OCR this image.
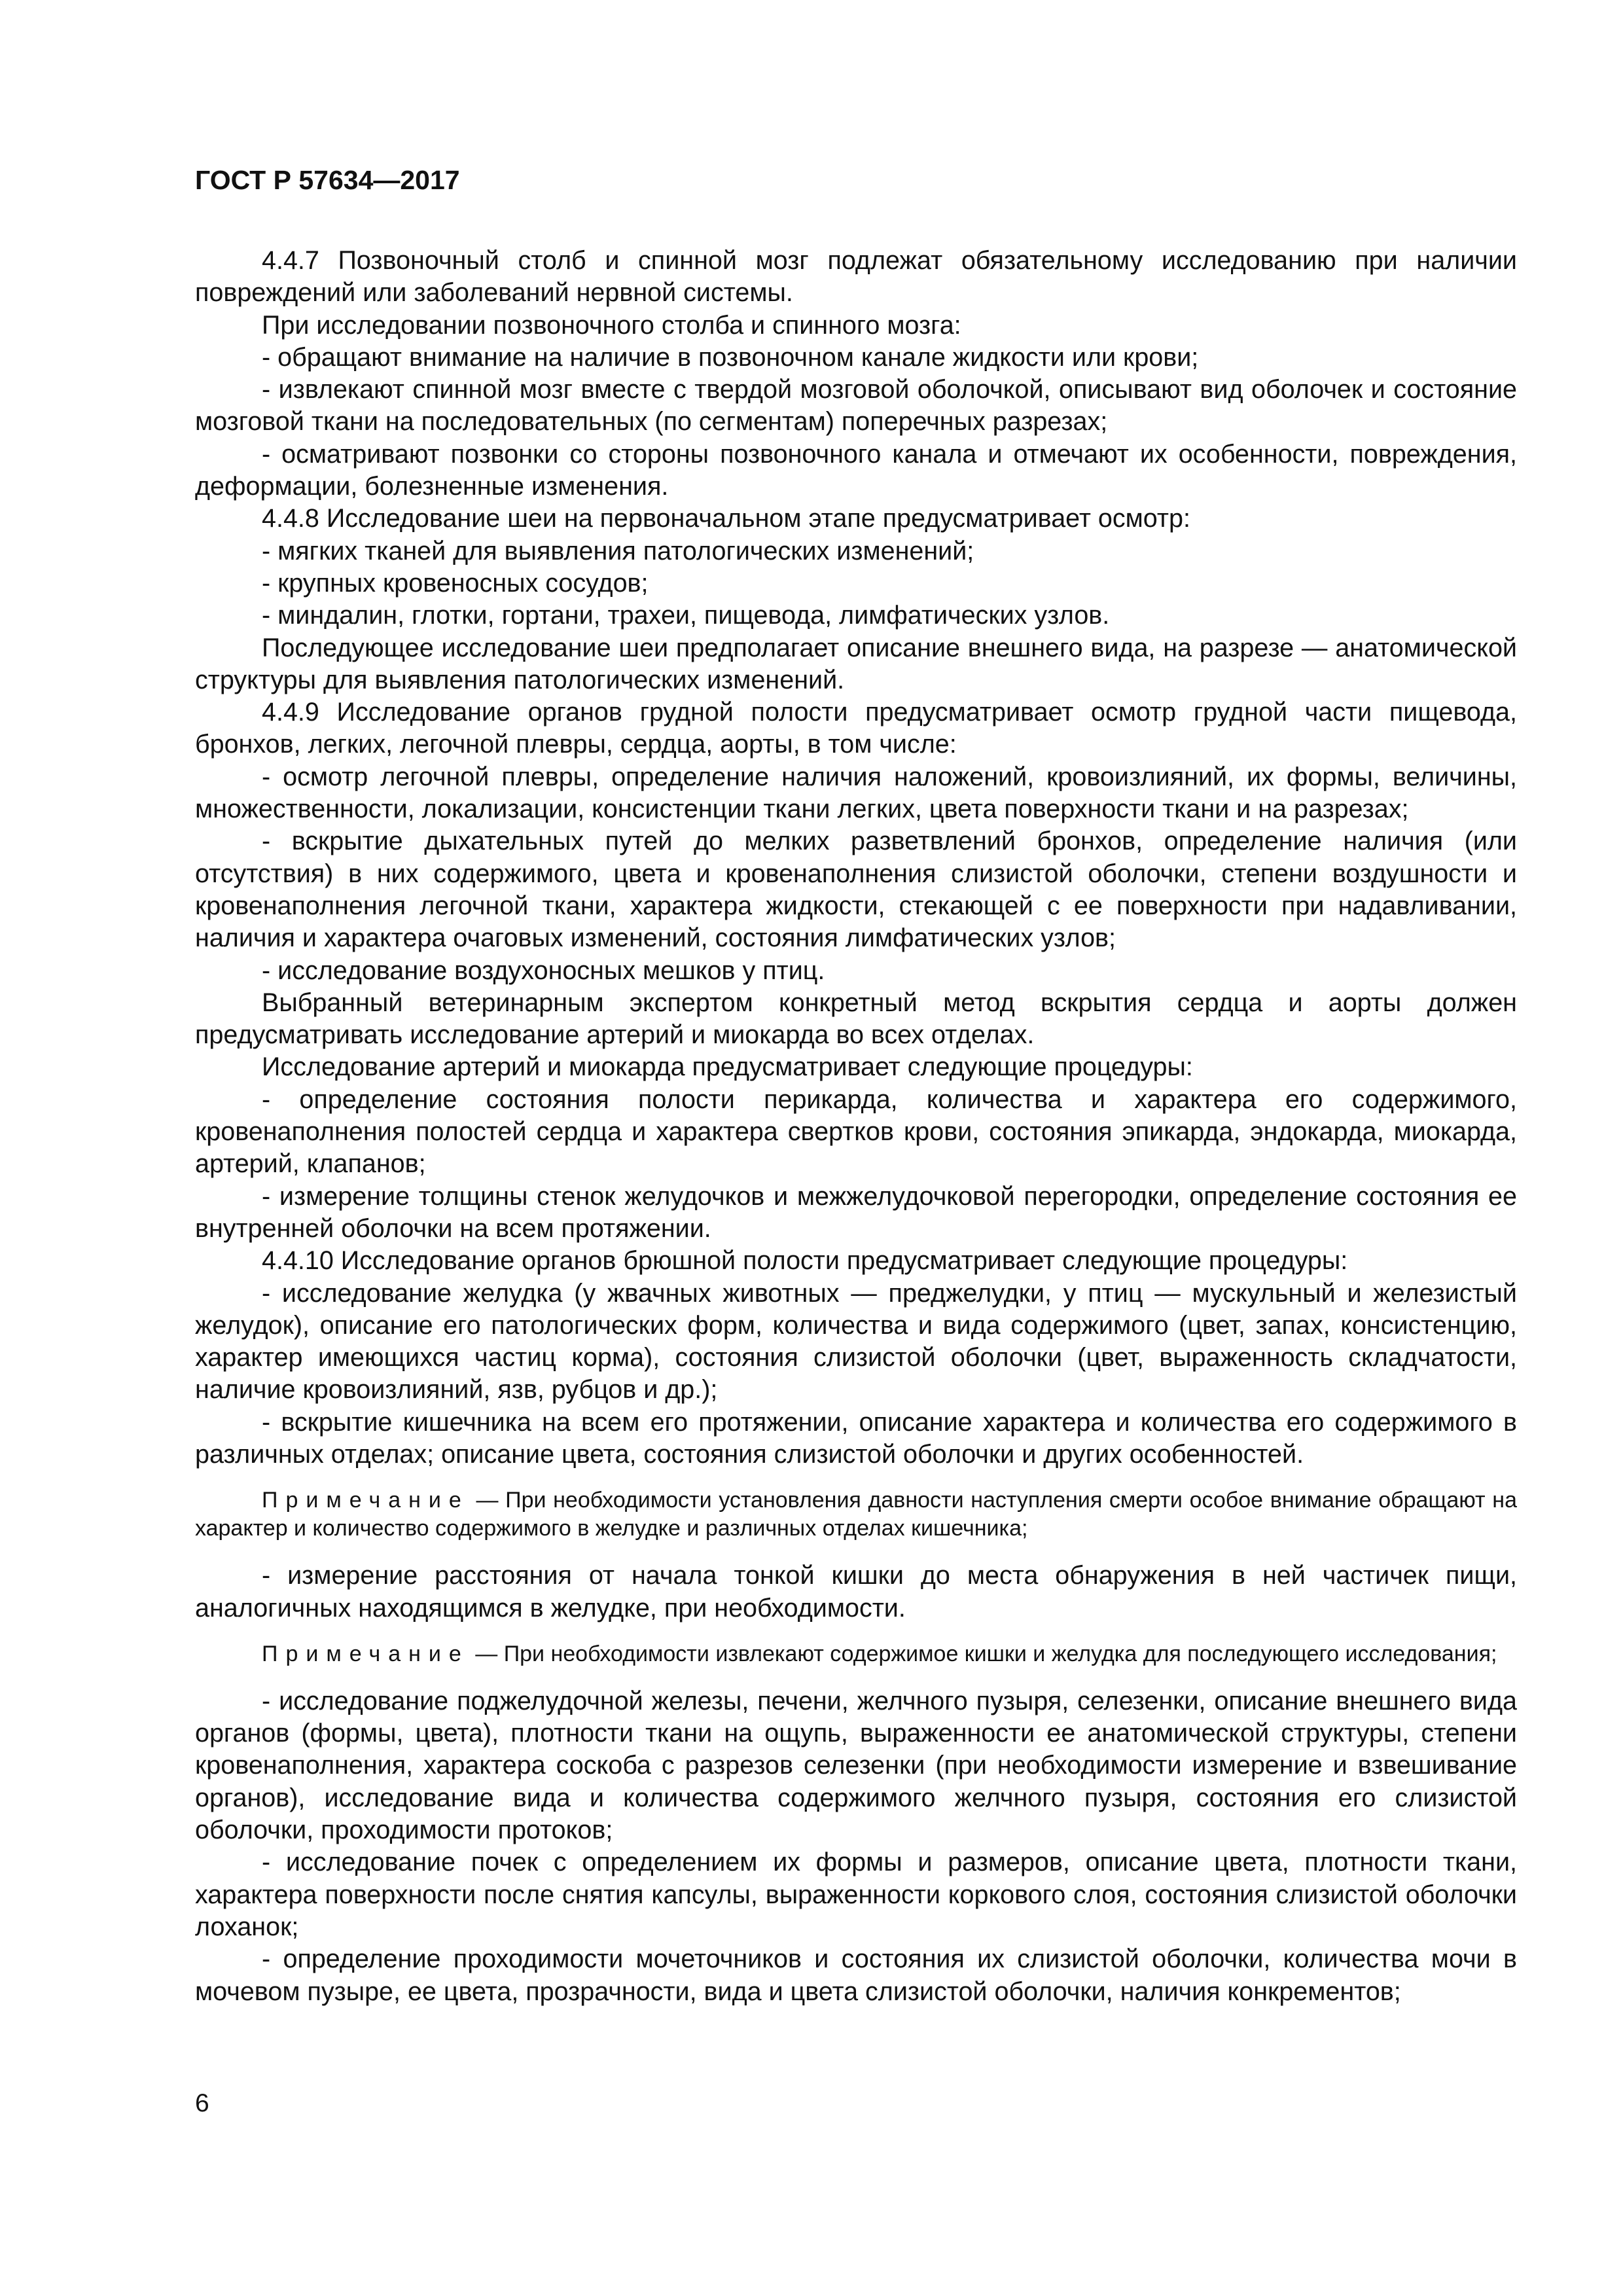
ГОСТ Р 57634—2017

4.4.7 Позвоночный столб и спинной мозг подлежат обязательному исследованию при наличии повреждений или заболеваний нервной системы.

При исследовании позвоночного столба и спинного мозга:

- обращают внимание на наличие в позвоночном канале жидкости или крови;

- извлекают спинной мозг вместе с твердой мозговой оболочкой, описывают вид оболочек и состояние мозговой ткани на последовательных (по сегментам) поперечных разрезах;

- осматривают позвонки со стороны позвоночного канала и отмечают их особенности, повреждения, деформации, болезненные изменения.

4.4.8 Исследование шеи на первоначальном этапе предусматривает осмотр:

- мягких тканей для выявления патологических изменений;

- крупных кровеносных сосудов;

- миндалин, глотки, гортани, трахеи, пищевода, лимфатических узлов.

Последующее исследование шеи предполагает описание внешнего вида, на разрезе — анатомической структуры для выявления патологических изменений.

4.4.9 Исследование органов грудной полости предусматривает осмотр грудной части пищевода, бронхов, легких, легочной плевры, сердца, аорты, в том числе:

- осмотр легочной плевры, определение наличия наложений, кровоизлияний, их формы, величины, множественности, локализации, консистенции ткани легких, цвета поверхности ткани и на разрезах;

- вскрытие дыхательных путей до мелких разветвлений бронхов, определение наличия (или отсутствия) в них содержимого, цвета и кровенаполнения слизистой оболочки, степени воздушности и кровенаполнения легочной ткани, характера жидкости, стекающей с ее поверхности при надавливании, наличия и характера очаговых изменений, состояния лимфатических узлов;

- исследование воздухоносных мешков у птиц.

Выбранный ветеринарным экспертом конкретный метод вскрытия сердца и аорты должен предусматривать исследование артерий и миокарда во всех отделах.

Исследование артерий и миокарда предусматривает следующие процедуры:

- определение состояния полости перикарда, количества и характера его содержимого, кровенаполнения полостей сердца и характера свертков крови, состояния эпикарда, эндокарда, миокарда, артерий, клапанов;

- измерение толщины стенок желудочков и межжелудочковой перегородки, определение состояния ее внутренней оболочки на всем протяжении.

4.4.10 Исследование органов брюшной полости предусматривает следующие процедуры:

- исследование желудка (у жвачных животных — преджелудки, у птиц — мускульный и железистый желудок), описание его патологических форм, количества и вида содержимого (цвет, запах, консистенцию, характер имеющихся частиц корма), состояния слизистой оболочки (цвет, выраженность складчатости, наличие кровоизлияний, язв, рубцов и др.);

- вскрытие кишечника на всем его протяжении, описание характера и количества его содержимого в различных отделах; описание цвета, состояния слизистой оболочки и других особенностей.

Примечание — При необходимости установления давности наступления смерти особое внимание обращают на характер и количество содержимого в желудке и различных отделах кишечника;

- измерение расстояния от начала тонкой кишки до места обнаружения в ней частичек пищи, аналогичных находящимся в желудке, при необходимости.

Примечание — При необходимости извлекают содержимое кишки и желудка для последующего исследования;

- исследование поджелудочной железы, печени, желчного пузыря, селезенки, описание внешнего вида органов (формы, цвета), плотности ткани на ощупь, выраженности ее анатомической структуры, степени кровенаполнения, характера соскоба с разрезов селезенки (при необходимости измерение и взвешивание органов), исследование вида и количества содержимого желчного пузыря, состояния его слизистой оболочки, проходимости протоков;

- исследование почек с определением их формы и размеров, описание цвета, плотности ткани, характера поверхности после снятия капсулы, выраженности коркового слоя, состояния слизистой оболочки лоханок;

- определение проходимости мочеточников и состояния их слизистой оболочки, количества мочи в мочевом пузыре, ее цвета, прозрачности, вида и цвета слизистой оболочки, наличия конкрементов;

6
